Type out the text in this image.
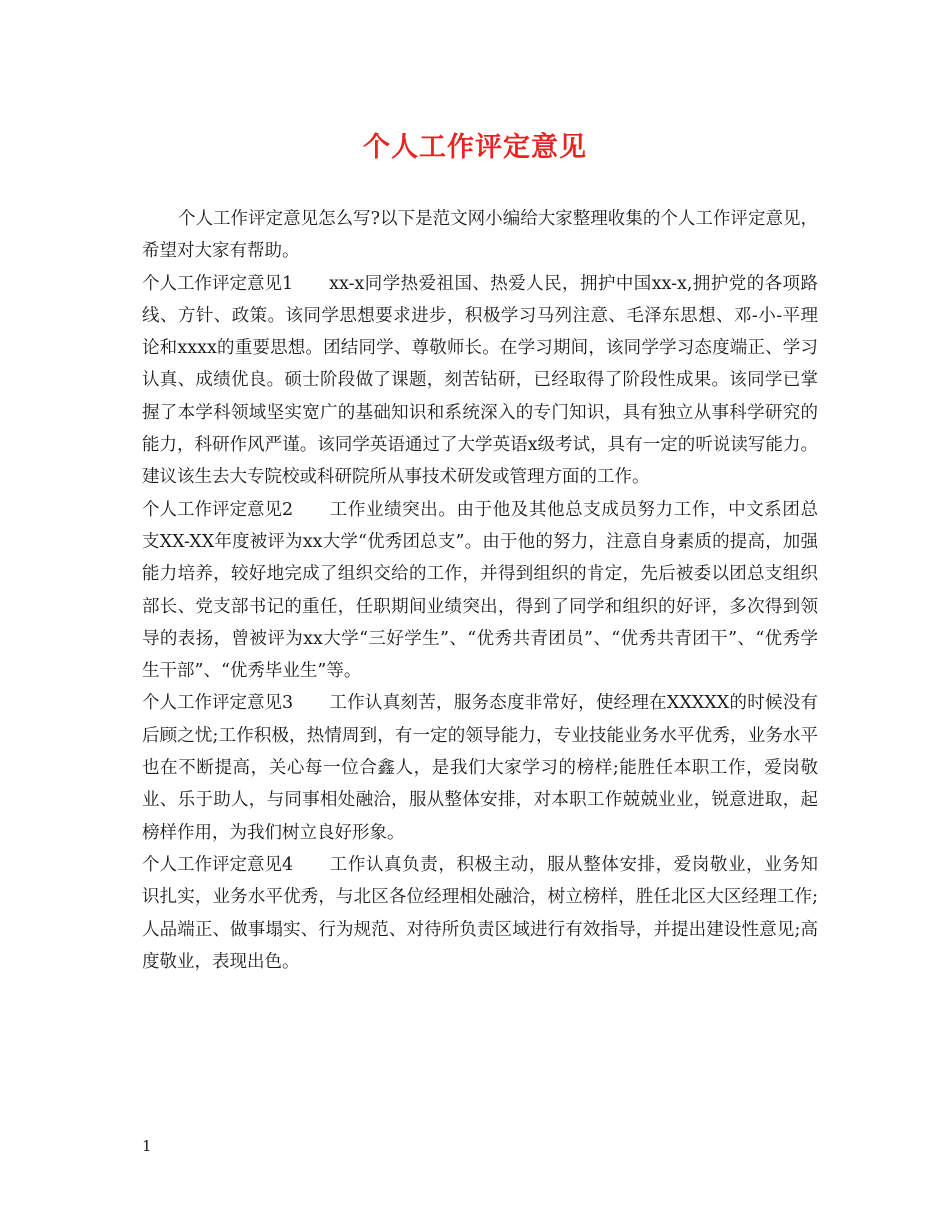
个人工作评定意见

个人工作评定意见怎么写?以下是范文网小编给大家整理收集的个人工作评定意见，希望对大家有帮助。

个人工作评定意见1 xx-x同学热爱祖国、热爱人民，拥护中国xx-x,拥护党的各项路线、方针、政策。该同学思想要求进步，积极学习马列注意、毛泽东思想、邓-小-平理论和xxxx的重要思想。团结同学、尊敬师长。在学习期间，该同学学习态度端正、学习认真、成绩优良。硕士阶段做了课题，刻苦钻研，已经取得了阶段性成果。该同学已掌握了本学科领域坚实宽广的基础知识和系统深入的专门知识，具有独立从事科学研究的能力，科研作风严谨。该同学英语通过了大学英语x级考试，具有一定的听说读写能力。建议该生去大专院校或科研院所从事技术研发或管理方面的工作。

个人工作评定意见2 工作业绩突出。由于他及其他总支成员努力工作，中文系团总支XX-XX年度被评为xx大学“优秀团总支”。由于他的努力，注意自身素质的提高，加强能力培养，较好地完成了组织交给的工作，并得到组织的肯定，先后被委以团总支组织部长、党支部书记的重任，任职期间业绩突出，得到了同学和组织的好评，多次得到领导的表扬，曾被评为xx大学“三好学生”、“优秀共青团员”、“优秀共青团干”、“优秀学生干部”、“优秀毕业生”等。

个人工作评定意见3 工作认真刻苦，服务态度非常好，使经理在XXXXX的时候没有后顾之忧;工作积极，热情周到，有一定的领导能力，专业技能业务水平优秀，业务水平也在不断提高，关心每一位合鑫人，是我们大家学习的榜样;能胜任本职工作，爱岗敬业、乐于助人，与同事相处融洽，服从整体安排，对本职工作兢兢业业，锐意进取，起榜样作用，为我们树立良好形象。

个人工作评定意见4 工作认真负责，积极主动，服从整体安排，爱岗敬业，业务知识扎实，业务水平优秀，与北区各位经理相处融洽，树立榜样，胜任北区大区经理工作;人品端正、做事塌实、行为规范、对待所负责区域进行有效指导，并提出建设性意见;高度敬业，表现出色。

1
